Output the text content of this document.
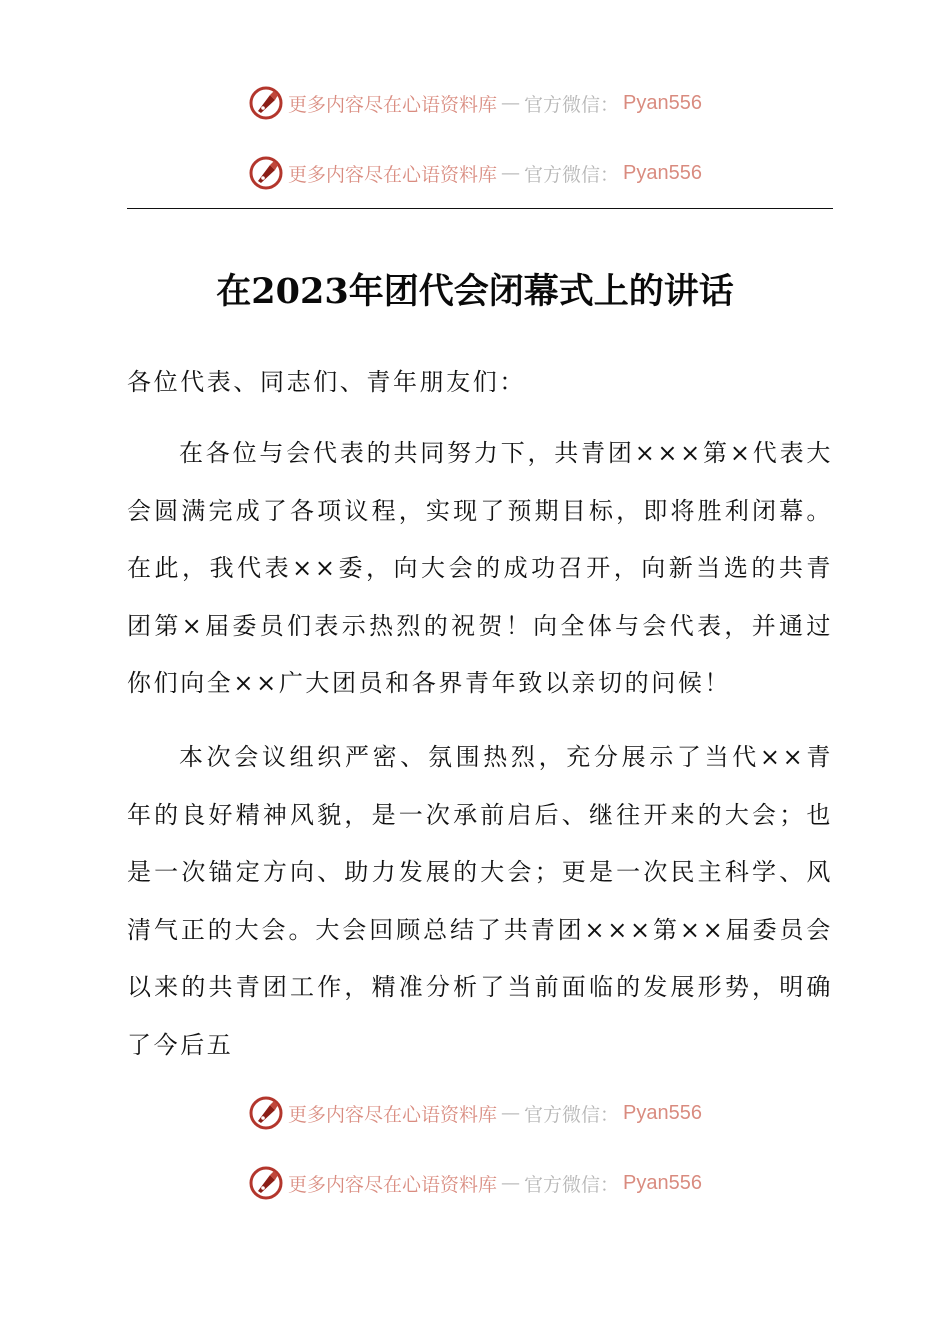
更多内容尽在心语资料库 — 官方微信： Pyan556
更多内容尽在心语资料库 — 官方微信： Pyan556
在2023年团代会闭幕式上的讲话
各位代表、同志们、青年朋友们：
在各位与会代表的共同努力下，共青团×××第×代表大会圆满完成了各项议程，实现了预期目标，即将胜利闭幕。在此，我代表××委，向大会的成功召开，向新当选的共青团第×届委员们表示热烈的祝贺！向全体与会代表，并通过你们向全××广大团员和各界青年致以亲切的问候！
本次会议组织严密、氛围热烈，充分展示了当代××青年的良好精神风貌，是一次承前启后、继往开来的大会；也是一次锚定方向、助力发展的大会；更是一次民主科学、风清气正的大会。大会回顾总结了共青团×××第××届委员会以来的共青团工作，精准分析了当前面临的发展形势，明确了今后五
更多内容尽在心语资料库 — 官方微信： Pyan556
更多内容尽在心语资料库 — 官方微信： Pyan556
